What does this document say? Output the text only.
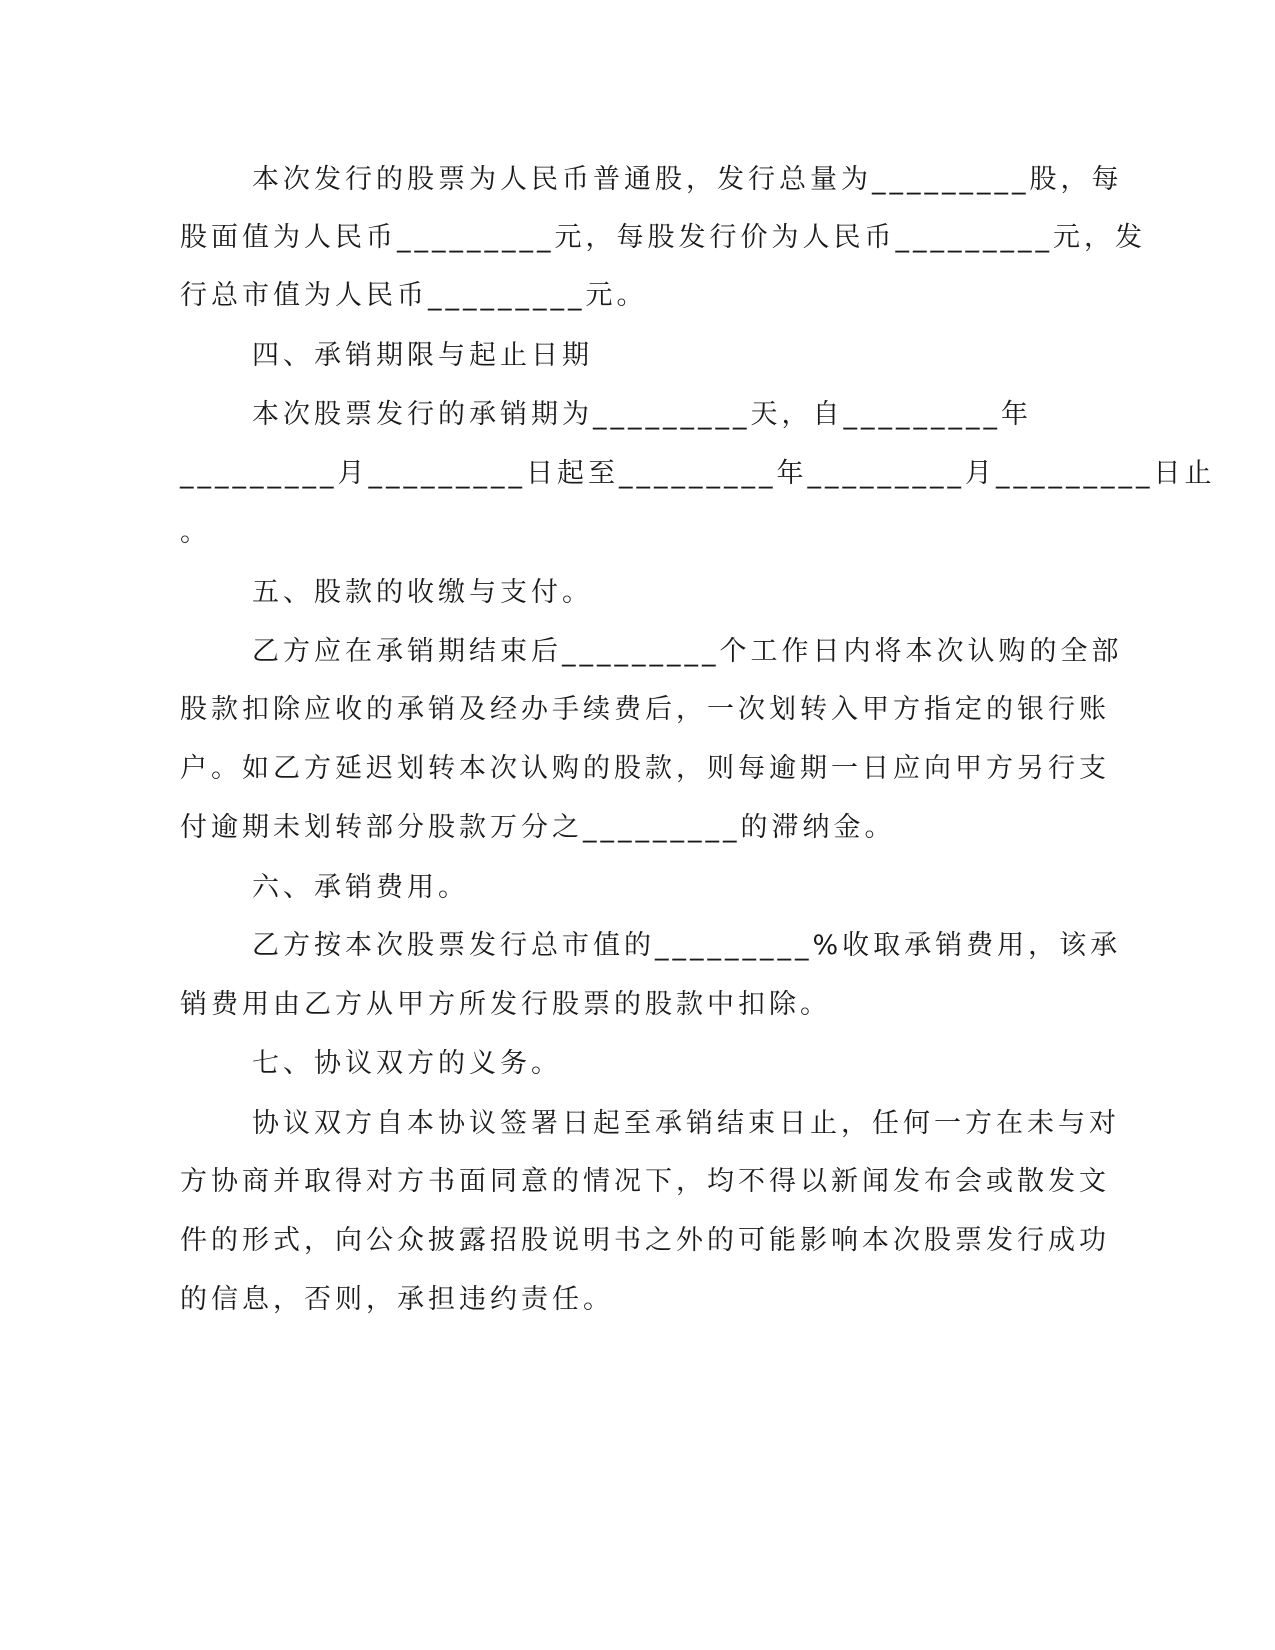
本次发行的股票为人民币普通股，发行总量为_________股，每
股面值为人民币_________元，每股发行价为人民币_________元，发
行总市值为人民币_________元。
四、承销期限与起止日期
本次股票发行的承销期为_________天，自_________年
_________月_________日起至_________年_________月_________日止
。
五、股款的收缴与支付。
乙方应在承销期结束后_________个工作日内将本次认购的全部
股款扣除应收的承销及经办手续费后，一次划转入甲方指定的银行账
户。如乙方延迟划转本次认购的股款，则每逾期一日应向甲方另行支
付逾期未划转部分股款万分之_________的滞纳金。
六、承销费用。
乙方按本次股票发行总市值的_________%收取承销费用，该承
销费用由乙方从甲方所发行股票的股款中扣除。
七、协议双方的义务。
协议双方自本协议签署日起至承销结束日止，任何一方在未与对
方协商并取得对方书面同意的情况下，均不得以新闻发布会或散发文
件的形式，向公众披露招股说明书之外的可能影响本次股票发行成功
的信息，否则，承担违约责任。
